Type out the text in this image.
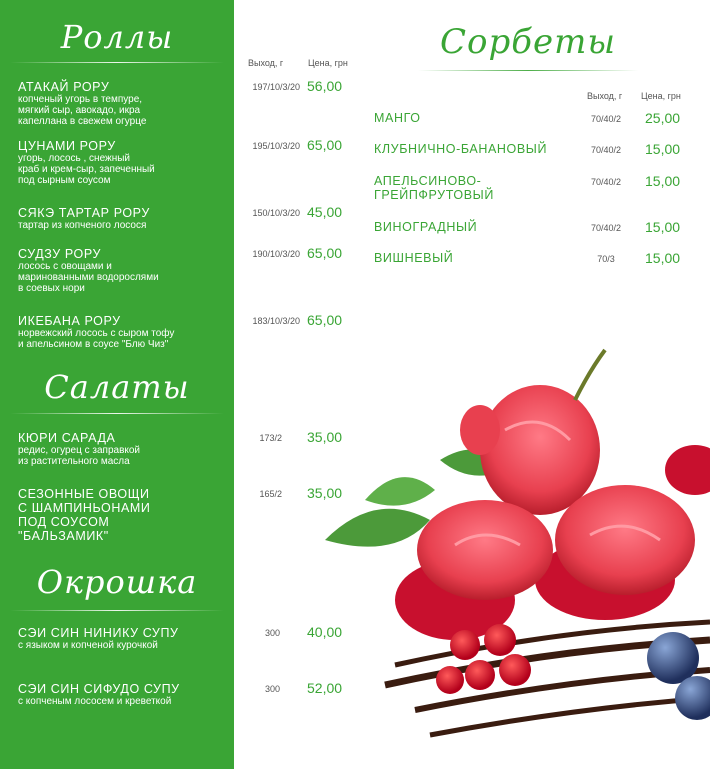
Роллы
Салаты
Окрошка
Сорбеты
Выход, г	Цена, грн
Выход, г Цена, грн
АТАКАЙ РОРУ
копченый угорь в темпуре,
мягкий сыр, авокадо, икра
капеллана в свежем огурце
197/10/3/20 56,00
ЦУНАМИ РОРУ
угорь, лосось , снежный
краб и крем-сыр, запеченный
под сырным соусом
195/10/3/20 65,00
СЯКЭ ТАРТАР РОРУ
тартар из копченого лосося
150/10/3/20 45,00
СУДЗУ РОРУ
лосось с овощами и
маринованными водорослями
в соевых нори
190/10/3/20 65,00
ИКЕБАНА РОРУ
норвежский лосось с сыром тофу
и апельсином в соусе "Блю Чиз"
183/10/3/20 65,00
КЮРИ САРАДА
редис, огурец с заправкой
из растительного масла
173/2 35,00
СЕЗОННЫЕ ОВОЩИ
С ШАМПИНЬОНАМИ
ПОД СОУСОМ
"БАЛЬЗАМИК"
165/2 35,00
СЭИ СИН НИНИКУ СУПУ
с языком и копченой курочкой
300 40,00
СЭИ СИН СИФУДО СУПУ
с копченым лососем и креветкой
300 52,00
МАНГО	70/40/2	25,00
КЛУБНИЧНО-БАНАНОВЫЙ	70/40/2	15,00
АПЕЛЬСИНОВО-
ГРЕЙПФРУТОВЫЙ
70/40/2	15,00
ВИНОГРАДНЫЙ	70/40/2	15,00
ВИШНЕВЫЙ	70/3	15,00
